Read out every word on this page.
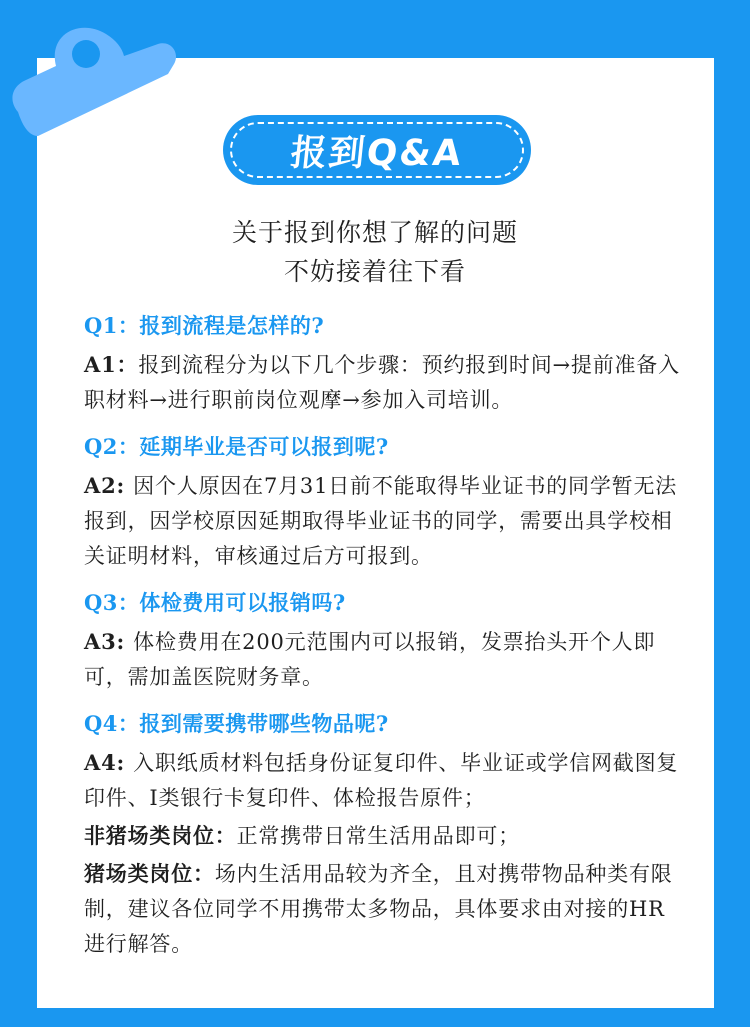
报到Q&A
关于报到你想了解的问题
不妨接着往下看
Q1：报到流程是怎样的?
A1：报到流程分为以下几个步骤：预约报到时间→提前准备入职材料→进行职前岗位观摩→参加入司培训。
Q2：延期毕业是否可以报到呢?
A2: 因个人原因在7月31日前不能取得毕业证书的同学暂无法报到，因学校原因延期取得毕业证书的同学，需要出具学校相关证明材料，审核通过后方可报到。
Q3：体检费用可以报销吗?
A3: 体检费用在200元范围内可以报销，发票抬头开个人即可，需加盖医院财务章。
Q4：报到需要携带哪些物品呢?
A4: 入职纸质材料包括身份证复印件、毕业证或学信网截图复印件、Ⅰ类银行卡复印件、体检报告原件；
非猪场类岗位：正常携带日常生活用品即可；
猪场类岗位：场内生活用品较为齐全，且对携带物品种类有限制，建议各位同学不用携带太多物品，具体要求由对接的HR进行解答。
